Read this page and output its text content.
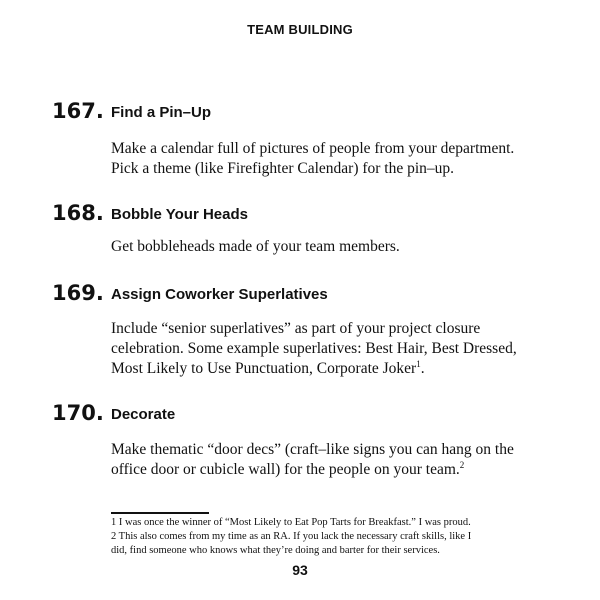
TEAM BUILDING
167. Find a Pin–Up
Make a calendar full of pictures of people from your department.
Pick a theme (like Firefighter Calendar) for the pin–up.
168. Bobble Your Heads
Get bobbleheads made of your team members.
169. Assign Coworker Superlatives
Include “senior superlatives” as part of your project closure
celebration. Some example superlatives: Best Hair, Best Dressed,
Most Likely to Use Punctuation, Corporate Joker$^1$.
170. Decorate
Make thematic “door decs” (craft–like signs you can hang on the
office door or cubicle wall) for the people on your team.$^2$
1 I was once the winner of “Most Likely to Eat Pop Tarts for Breakfast.” I was proud.
2 This also comes from my time as an RA. If you lack the necessary craft skills, like I
did, find someone who knows what they’re doing and barter for their services.
93
